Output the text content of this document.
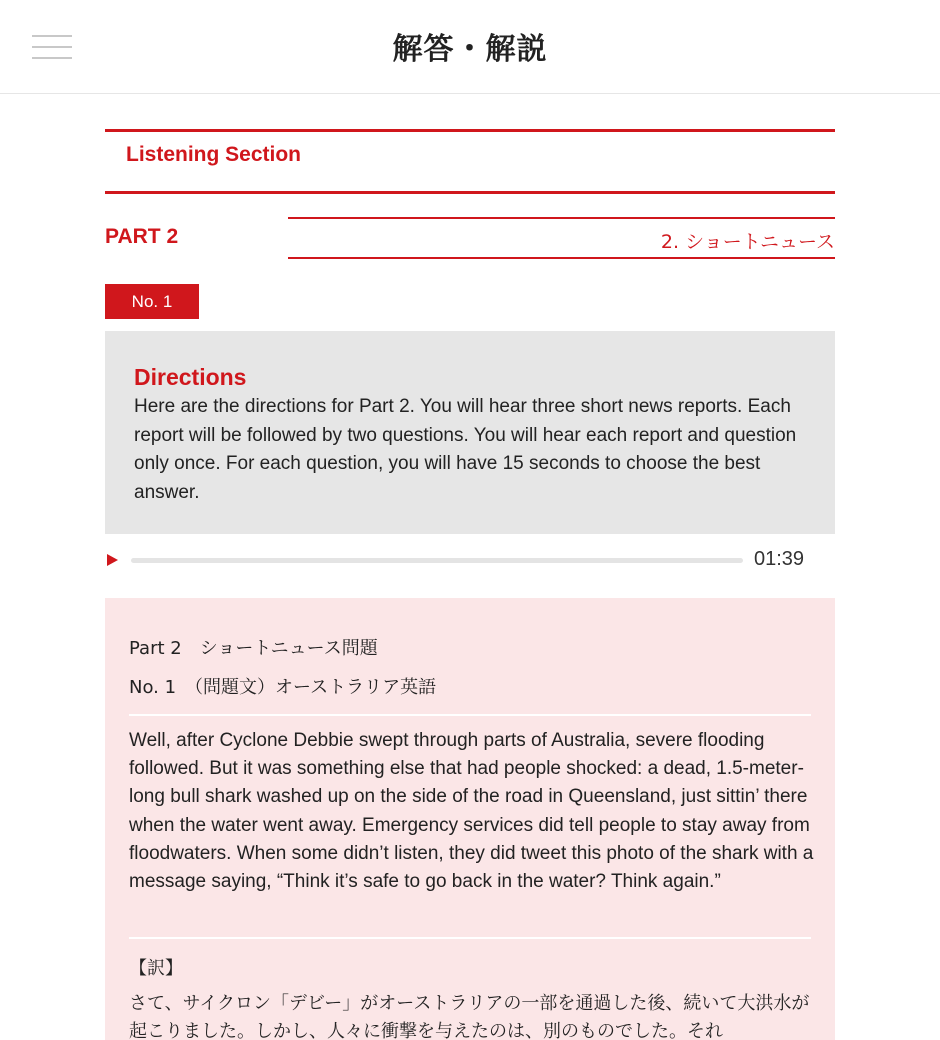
解答・解説
Listening Section
PART 2	2. ショートニュース
No. 1
Directions
Here are the directions for Part 2. You will hear three short news reports. Each report will be followed by two questions. You will hear each report and question only once. For each question, you will have 15 seconds to choose the best answer.
01:39
Part 2　ショートニュース問題
No. 1　（問題文）オーストラリア英語
Well, after Cyclone Debbie swept through parts of Australia, severe flooding followed. But it was something else that had people shocked: a dead, 1.5-meter-long bull shark washed up on the side of the road in Queensland, just sittin’ there when the water went away. Emergency services did tell people to stay away from floodwaters. When some didn’t listen, they did tweet this photo of the shark with a message saying, “Think it’s safe to go back in the water? Think again.”
【訳】
さて、サイクロン「デビー」がオーストラリアの一部を通過した後、続いて大洪水が起こりました。しかし、人々に衝撃を与えたのは、別のものでした。それ
